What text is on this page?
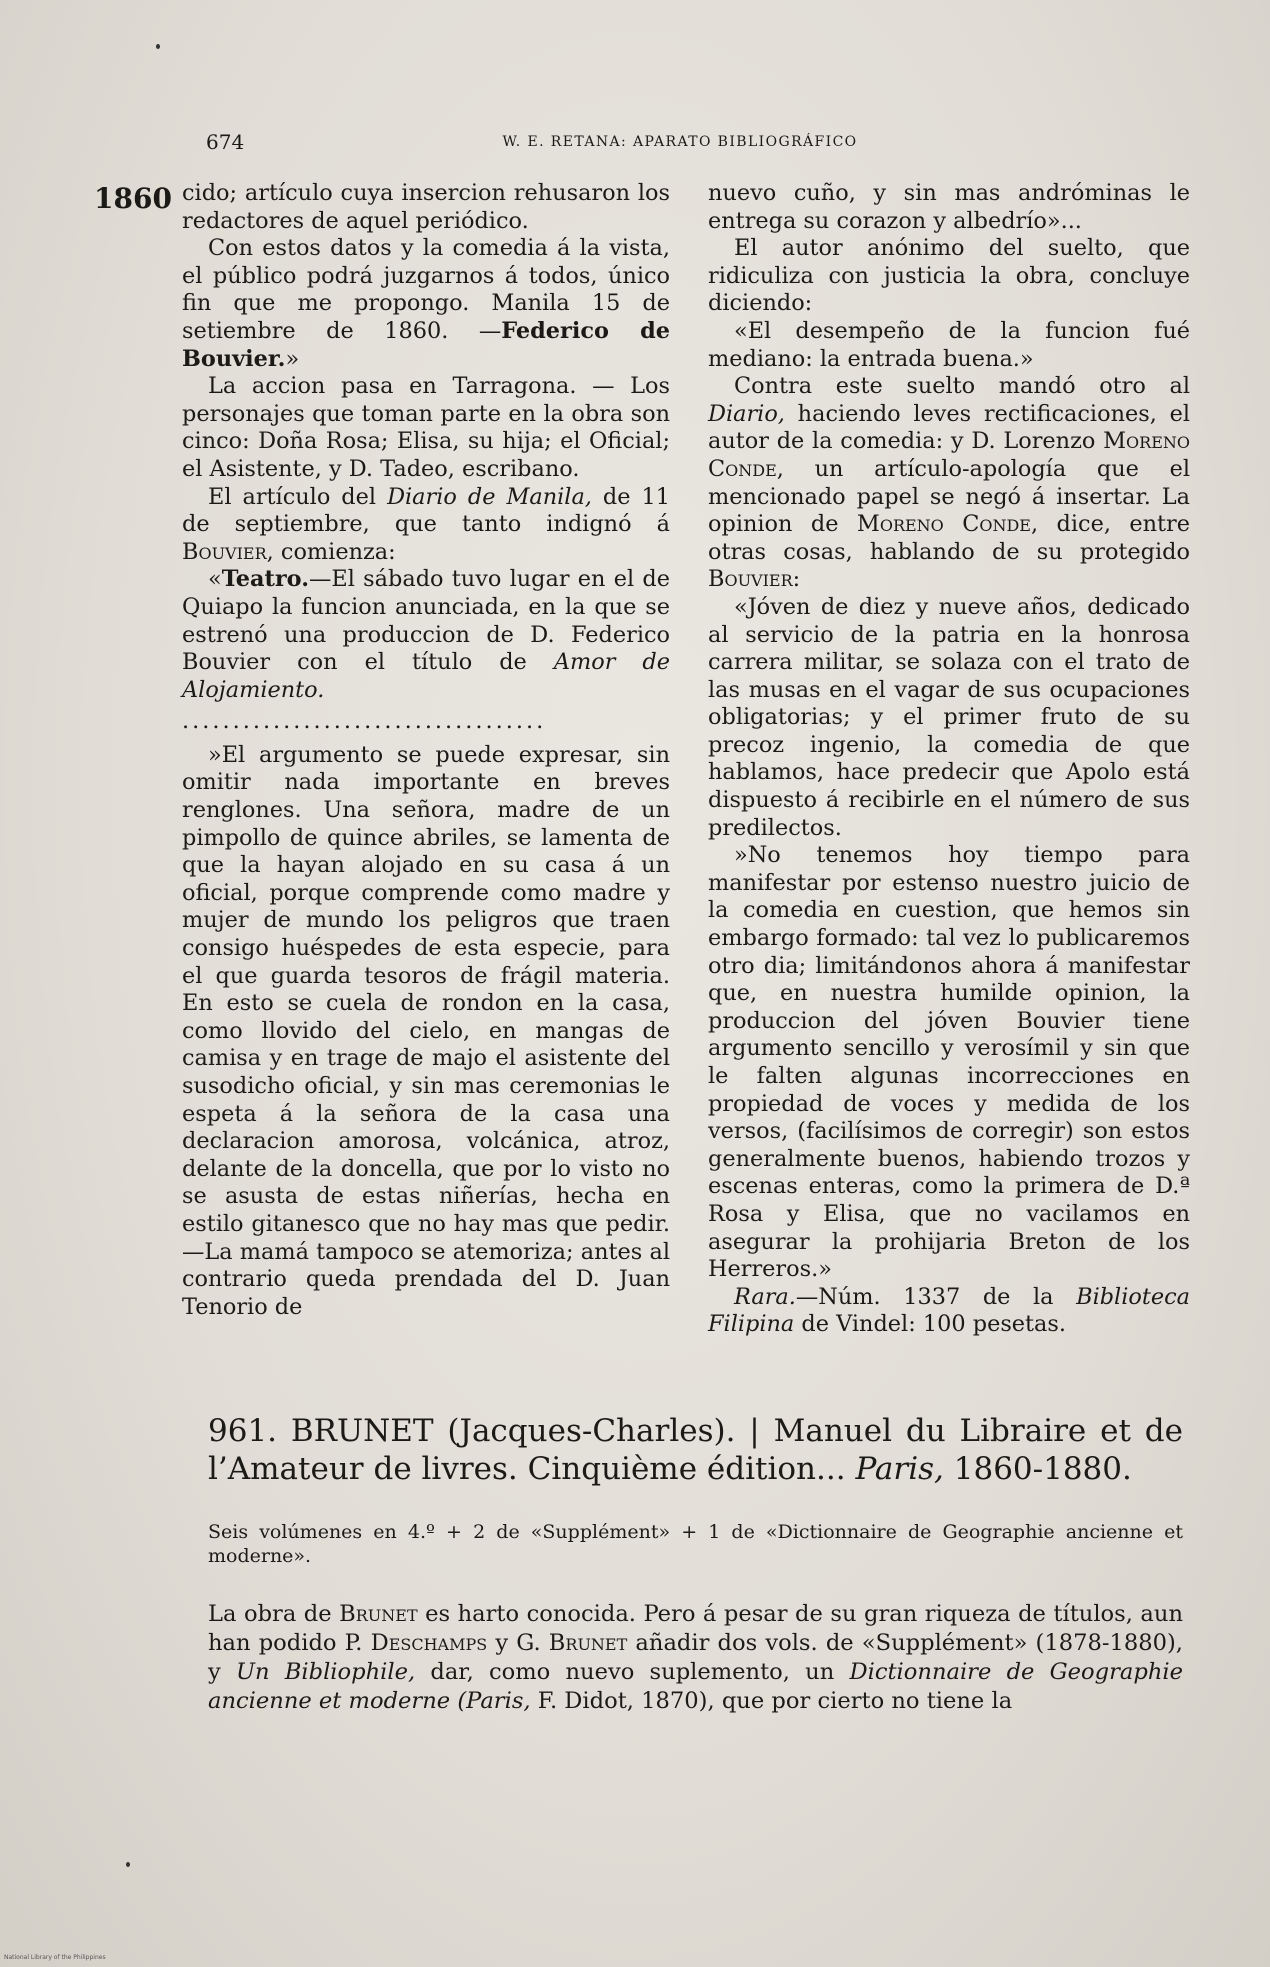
674	W. E. RETANA: APARATO BIBLIOGRÁFICO
1860 cido; artículo cuya insercion rehusaron los redactores de aquel periódico.

Con estos datos y la comedia á la vista, el público podrá juzgarnos á todos, único fin que me propongo. Manila 15 de setiembre de 1860. —Federico de Bouvier.»

La accion pasa en Tarragona. — Los personajes que toman parte en la obra son cinco: Doña Rosa; Elisa, su hija; el Oficial; el Asistente, y D. Tadeo, escribano.

El artículo del Diario de Manila, de 11 de septiembre, que tanto indignó á Bouvier, comienza:

«Teatro.—El sábado tuvo lugar en el de Quiapo la funcion anunciada, en la que se estrenó una produccion de D. Federico Bouvier con el título de Amor de Alojamiento.

....................................

»El argumento se puede expresar, sin omitir nada importante en breves renglones. Una señora, madre de un pimpollo de quince abriles, se lamenta de que la hayan alojado en su casa á un oficial, porque comprende como madre y mujer de mundo los peligros que traen consigo huéspedes de esta especie, para el que guarda tesoros de frágil materia. En esto se cuela de rondon en la casa, como llovido del cielo, en mangas de camisa y en trage de majo el asistente del susodicho oficial, y sin mas ceremonias le espeta á la señora de la casa una declaracion amorosa, volcánica, atroz, delante de la doncella, que por lo visto no se asusta de estas niñerías, hecha en estilo gitanesco que no hay mas que pedir. —La mamá tampoco se atemoriza; antes al contrario queda prendada del D. Juan Tenorio de

nuevo cuño, y sin mas andróminas le entrega su corazon y albedrío»...

El autor anónimo del suelto, que ridiculiza con justicia la obra, concluye diciendo:

«El desempeño de la funcion fué mediano: la entrada buena.»

Contra este suelto mandó otro al Diario, haciendo leves rectificaciones, el autor de la comedia: y D. Lorenzo Moreno Conde, un artículo-apología que el mencionado papel se negó á insertar. La opinion de Moreno Conde, dice, entre otras cosas, hablando de su protegido Bouvier:

«Jóven de diez y nueve años, dedicado al servicio de la patria en la honrosa carrera militar, se solaza con el trato de las musas en el vagar de sus ocupaciones obligatorias; y el primer fruto de su precoz ingenio, la comedia de que hablamos, hace predecir que Apolo está dispuesto á recibirle en el número de sus predilectos.

»No tenemos hoy tiempo para manifestar por estenso nuestro juicio de la comedia en cuestion, que hemos sin embargo formado: tal vez lo publicaremos otro dia; limitándonos ahora á manifestar que, en nuestra humilde opinion, la produccion del jóven Bouvier tiene argumento sencillo y verosímil y sin que le falten algunas incorrecciones en propiedad de voces y medida de los versos, (facilísimos de corregir) son estos generalmente buenos, habiendo trozos y escenas enteras, como la primera de D.ª Rosa y Elisa, que no vacilamos en asegurar la prohijaria Breton de los Herreros.»

Rara.—Núm. 1337 de la Biblioteca Filipina de Vindel: 100 pesetas.

961. BRUNET (Jacques-Charles). | Manuel du Libraire et de l’Amateur de livres. Cinquième édition... Paris, 1860-1880.

Seis volúmenes en 4.º + 2 de «Supplément» + 1 de «Dictionnaire de Geographie ancienne et moderne».

La obra de Brunet es harto conocida. Pero á pesar de su gran riqueza de títulos, aun han podido P. Deschamps y G. Brunet añadir dos vols. de «Supplément» (1878-1880), y Un Bibliophile, dar, como nuevo suplemento, un Dictionnaire de Geographie ancienne et moderne (Paris, F. Didot, 1870), que por cierto no tiene la

National Library of the Philippines
